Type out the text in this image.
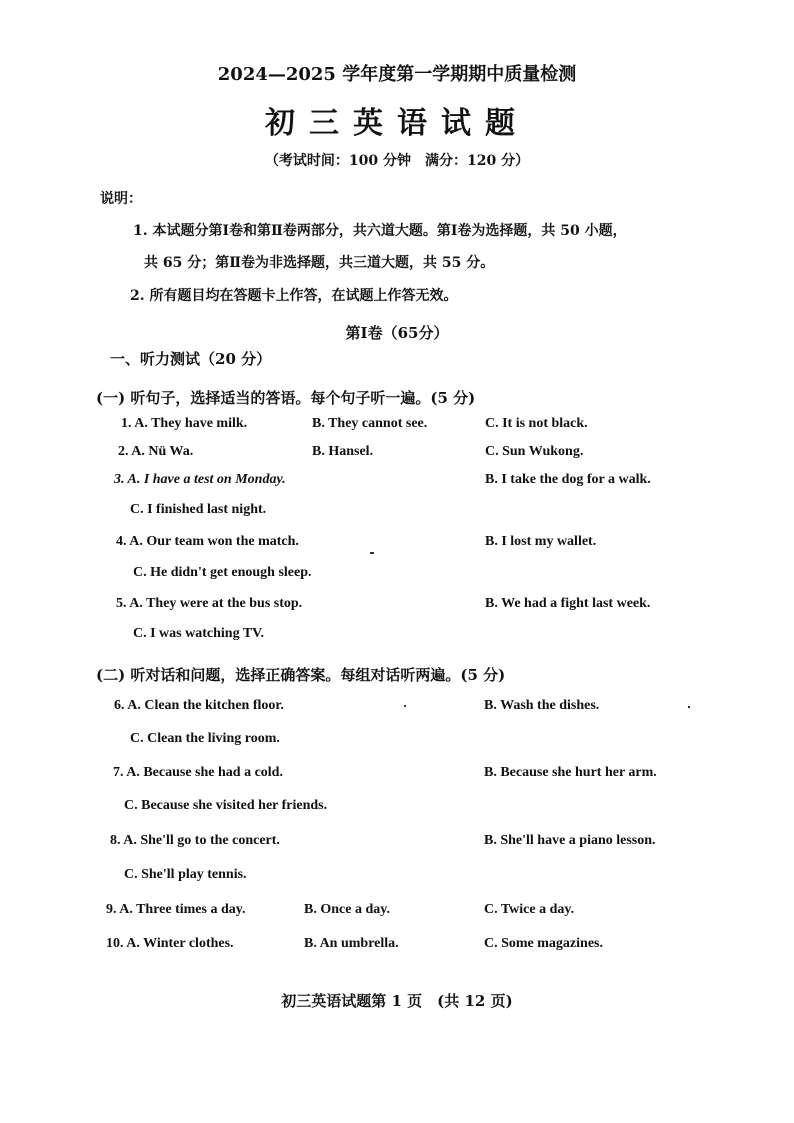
2024—2025 学年度第一学期期中质量检测
初三英语试题
（考试时间：100 分钟　满分：120 分）
说明：
1. 本试题分第Ⅰ卷和第Ⅱ卷两部分，共六道大题。第Ⅰ卷为选择题，共 50 小题，
共 65 分；第Ⅱ卷为非选择题，共三道大题，共 55 分。
2. 所有题目均在答题卡上作答，在试题上作答无效。
第Ⅰ卷（65分）
一、听力测试（20 分）
(一) 听句子，选择适当的答语。每个句子听一遍。(5 分)
1. A. They have milk.	B. They cannot see.	C. It is not black.
2. A. Nü Wa.	B. Hansel.	C. Sun Wukong.
3. A. I have a test on Monday.	B. I take the dog for a walk.
C. I finished last night.
4. A. Our team won the match.	B. I lost my wallet.
C. He didn't get enough sleep.
5. A. They were at the bus stop.	B. We had a fight last week.
C. I was watching TV.
(二) 听对话和问题，选择正确答案。每组对话听两遍。(5 分)
6. A. Clean the kitchen floor.	B. Wash the dishes.
C. Clean the living room.
7. A. Because she had a cold.	B. Because she hurt her arm.
C. Because she visited her friends.
8. A. She'll go to the concert.	B. She'll have a piano lesson.
C. She'll play tennis.
9. A. Three times a day.	B. Once a day.	C. Twice a day.
10. A. Winter clothes.	B. An umbrella.	C. Some magazines.
初三英语试题第 1 页　(共 12 页)
